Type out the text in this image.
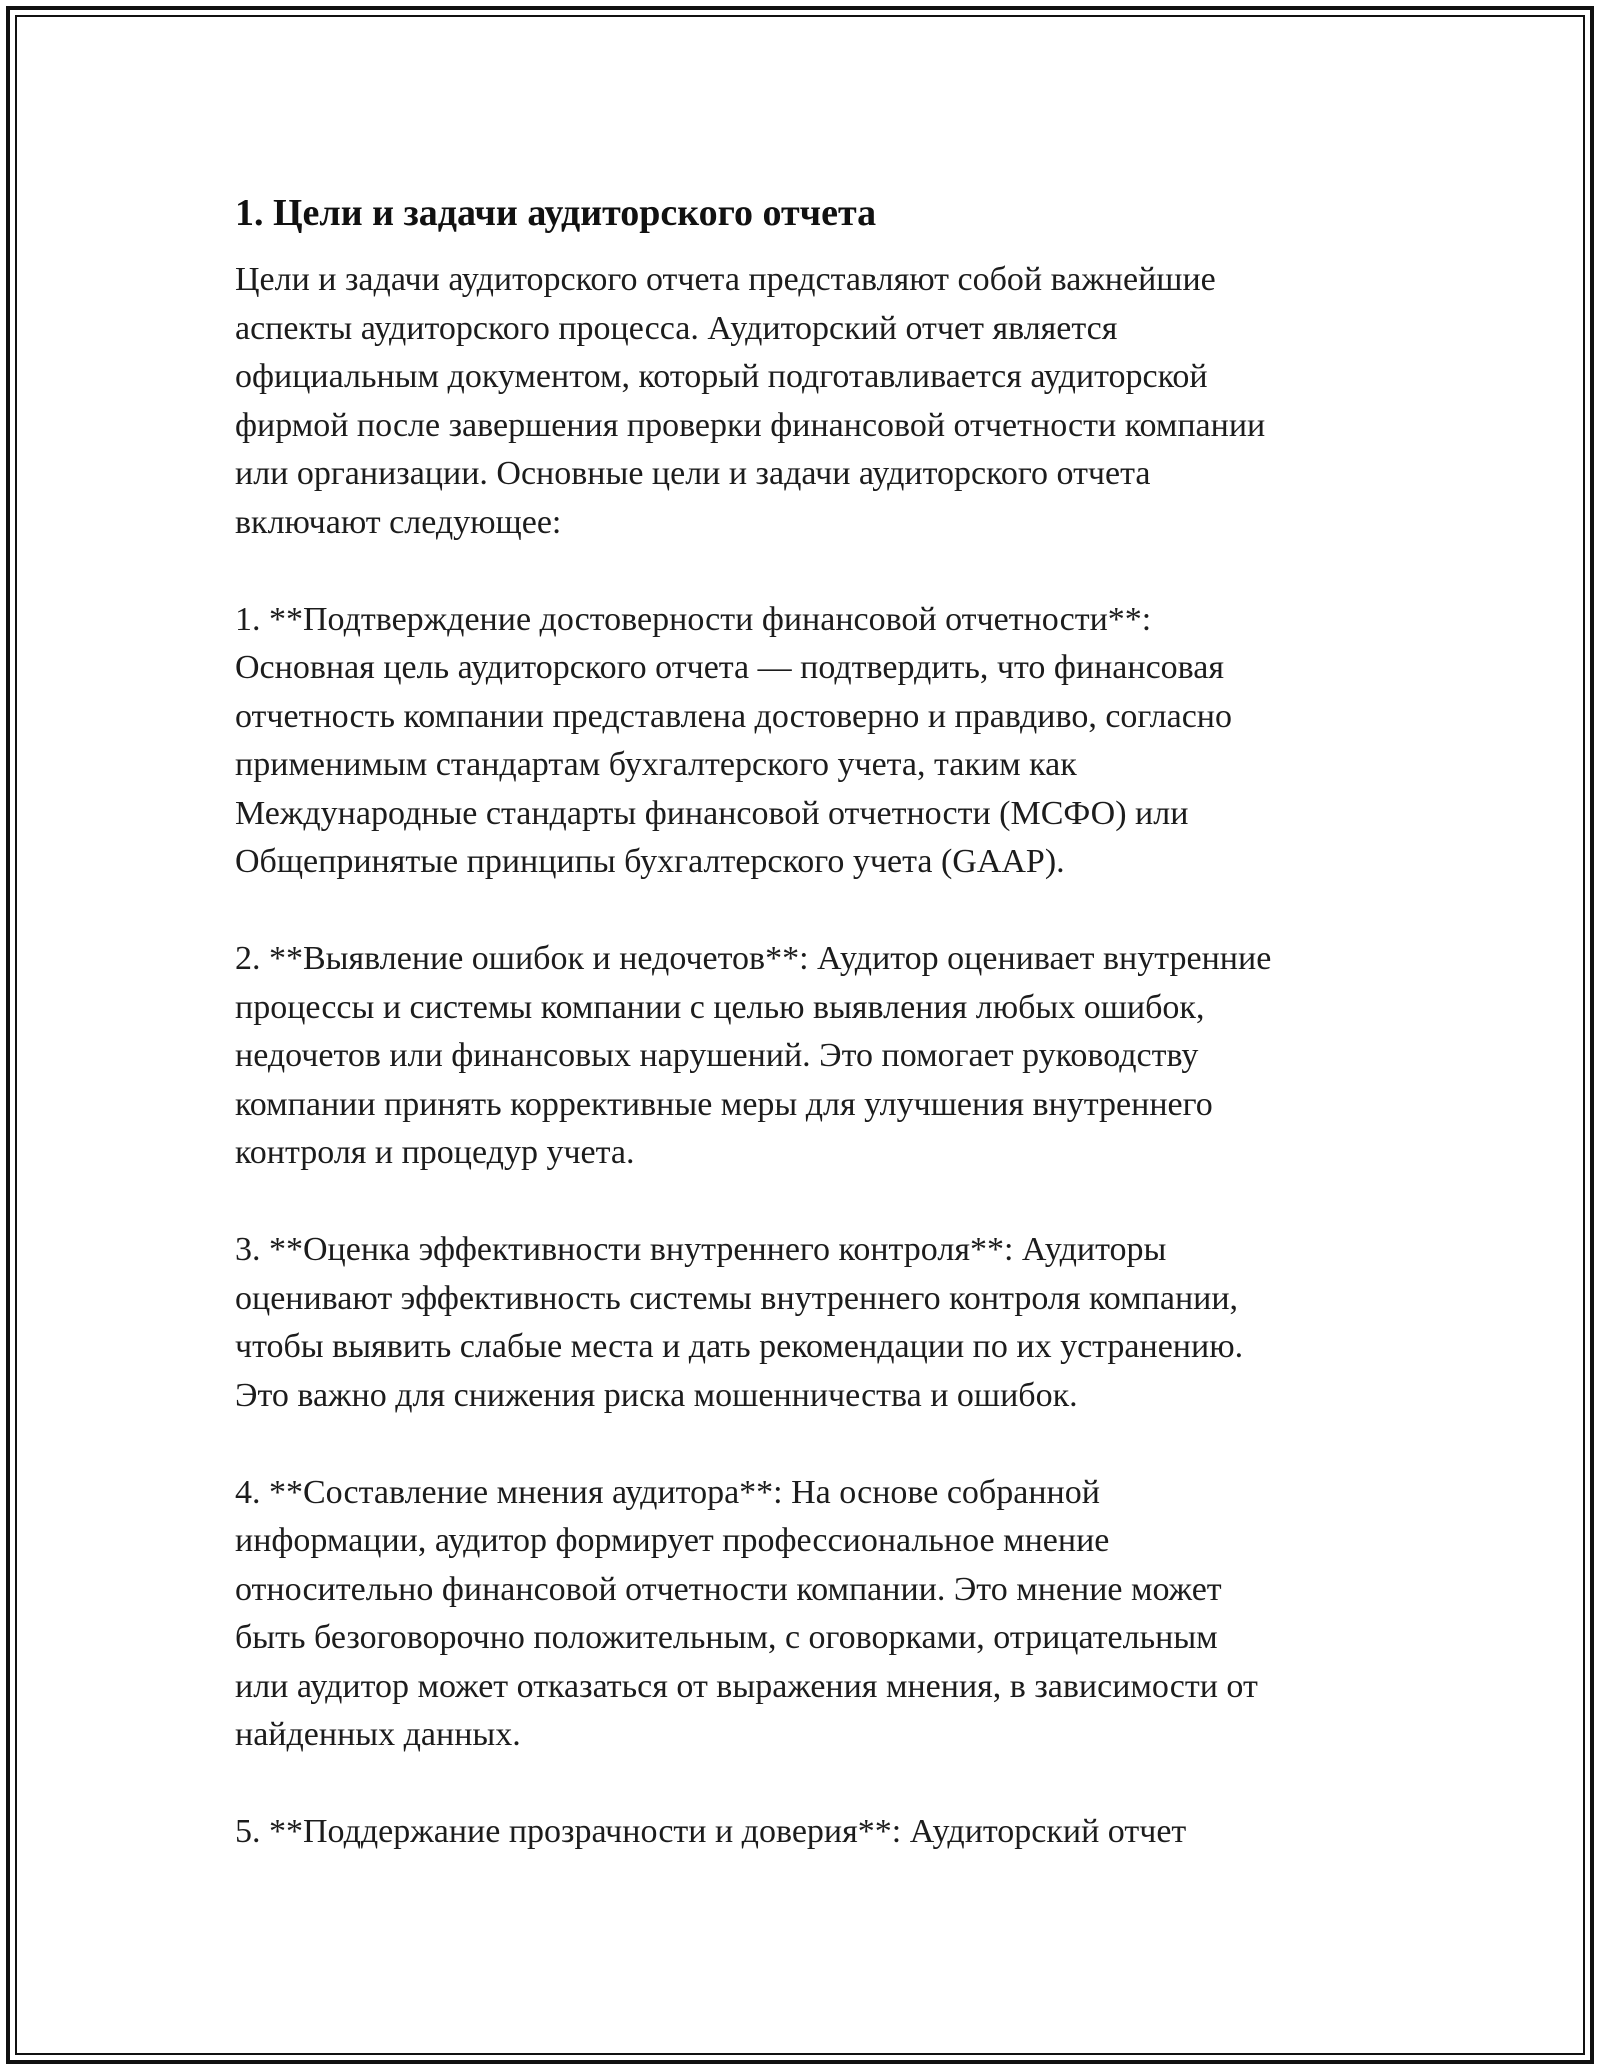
1. Цели и задачи аудиторского отчета

Цели и задачи аудиторского отчета представляют собой важнейшие
аспекты аудиторского процесса. Аудиторский отчет является
официальным документом, который подготавливается аудиторской
фирмой после завершения проверки финансовой отчетности компании
или организации. Основные цели и задачи аудиторского отчета
включают следующее:

1. **Подтверждение достоверности финансовой отчетности**:
Основная цель аудиторского отчета — подтвердить, что финансовая
отчетность компании представлена достоверно и правдиво, согласно
применимым стандартам бухгалтерского учета, таким как
Международные стандарты финансовой отчетности (МСФО) или
Общепринятые принципы бухгалтерского учета (GAAP).

2. **Выявление ошибок и недочетов**: Аудитор оценивает внутренние
процессы и системы компании с целью выявления любых ошибок,
недочетов или финансовых нарушений. Это помогает руководству
компании принять коррективные меры для улучшения внутреннего
контроля и процедур учета.

3. **Оценка эффективности внутреннего контроля**: Аудиторы
оценивают эффективность системы внутреннего контроля компании,
чтобы выявить слабые места и дать рекомендации по их устранению.
Это важно для снижения риска мошенничества и ошибок.

4. **Составление мнения аудитора**: На основе собранной
информации, аудитор формирует профессиональное мнение
относительно финансовой отчетности компании. Это мнение может
быть безоговорочно положительным, с оговорками, отрицательным
или аудитор может отказаться от выражения мнения, в зависимости от
найденных данных.

5. **Поддержание прозрачности и доверия**: Аудиторский отчет
